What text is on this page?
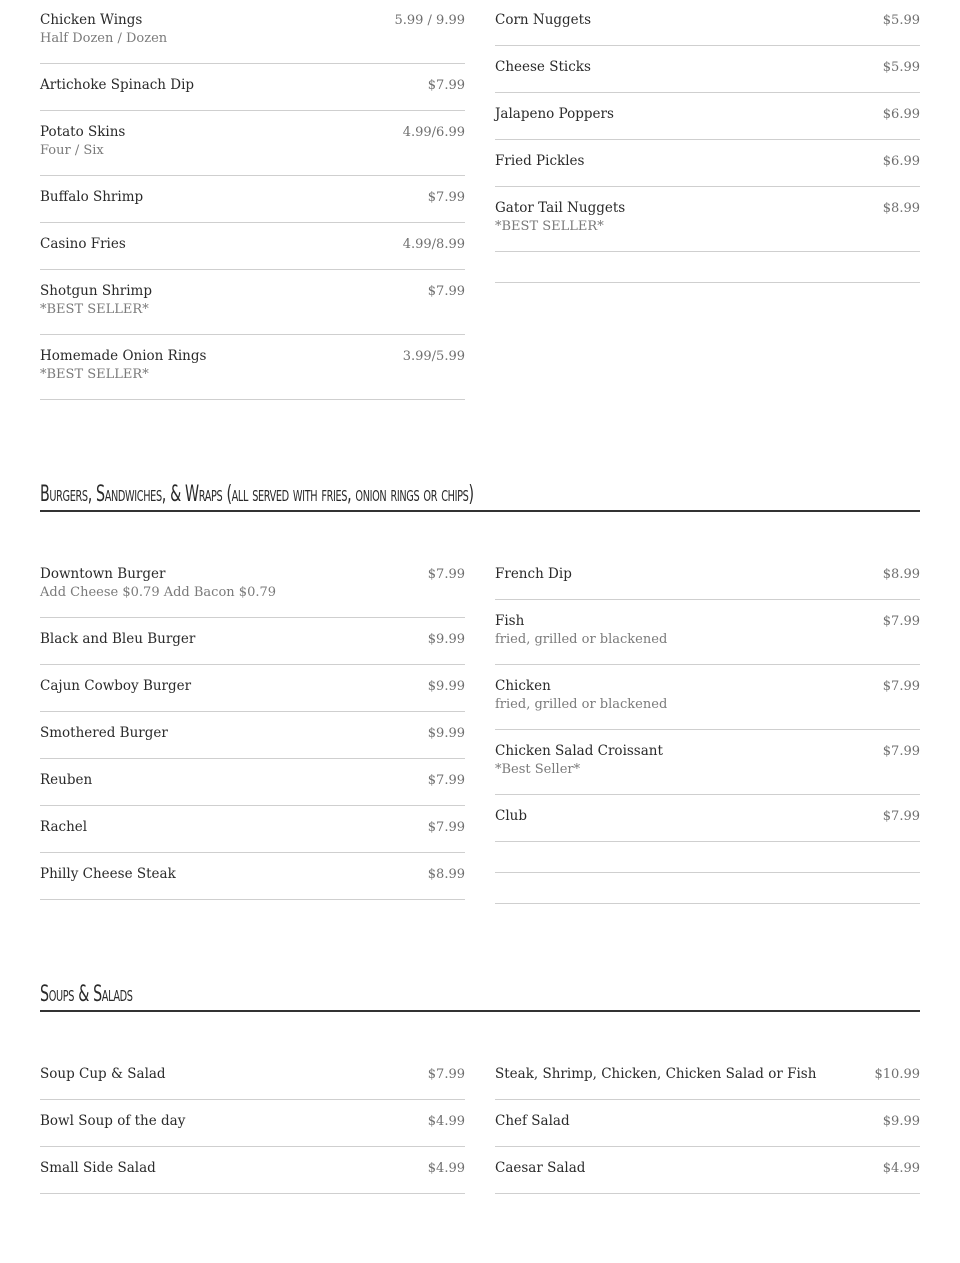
Chicken Wings	5.99 / 9.99
Half Dozen / Dozen
Artichoke Spinach Dip	$7.99
Potato Skins	4.99/6.99
Four / Six
Buffalo Shrimp	$7.99
Casino Fries	4.99/8.99
Shotgun Shrimp	$7.99
*BEST SELLER*
Homemade Onion Rings	3.99/5.99
*BEST SELLER*
Corn Nuggets	$5.99
Cheese Sticks	$5.99
Jalapeno Poppers	$6.99
Fried Pickles	$6.99
Gator Tail Nuggets	$8.99
*BEST SELLER*
Burgers, Sandwiches, & Wraps (all served with fries, onion rings or chips)
Downtown Burger	$7.99
Add Cheese $0.79 Add Bacon $0.79
Black and Bleu Burger	$9.99
Cajun Cowboy Burger	$9.99
Smothered Burger	$9.99
Reuben	$7.99
Rachel	$7.99
Philly Cheese Steak	$8.99
French Dip	$8.99
Fish	$7.99
fried, grilled or blackened
Chicken	$7.99
fried, grilled or blackened
Chicken Salad Croissant	$7.99
*Best Seller*
Club	$7.99
Soups & Salads
Soup Cup & Salad	$7.99
Bowl Soup of the day	$4.99
Small Side Salad	$4.99
Steak, Shrimp, Chicken, Chicken Salad or Fish	$10.99
Chef Salad	$9.99
Caesar Salad	$4.99
